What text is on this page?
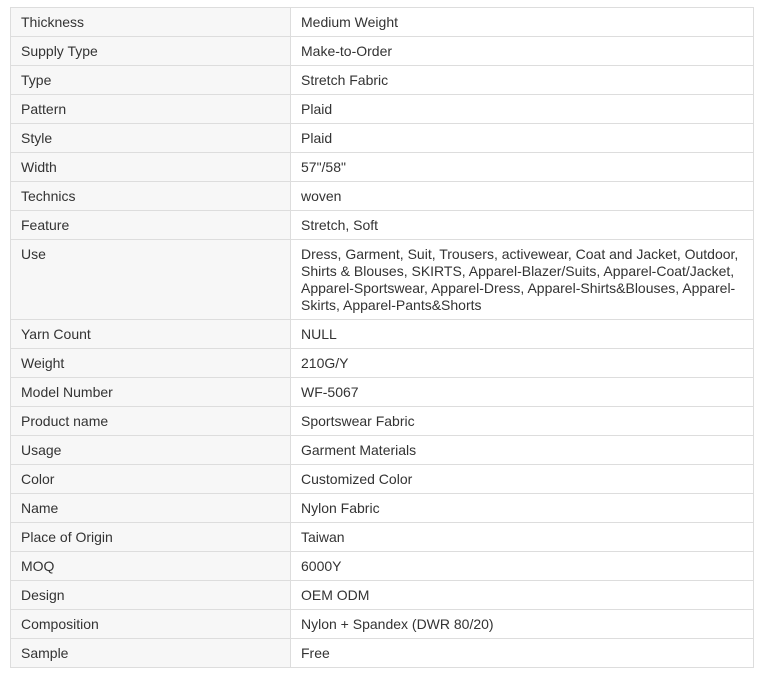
Thickness	Medium Weight
Supply Type	Make-to-Order
Type	Stretch Fabric
Pattern	Plaid
Style	Plaid
Width	57"/58"
Technics	woven
Feature	Stretch, Soft
Use	Dress, Garment, Suit, Trousers, activewear, Coat and Jacket, Outdoor, Shirts & Blouses, SKIRTS, Apparel-Blazer/Suits, Apparel-Coat/Jacket, Apparel-Sportswear, Apparel-Dress, Apparel-Shirts&Blouses, Apparel-Skirts, Apparel-Pants&Shorts
Yarn Count	NULL
Weight	210G/Y
Model Number	WF-5067
Product name	Sportswear Fabric
Usage	Garment Materials
Color	Customized Color
Name	Nylon Fabric
Place of Origin	Taiwan
MOQ	6000Y
Design	OEM ODM
Composition	Nylon + Spandex (DWR 80/20)
Sample	Free
